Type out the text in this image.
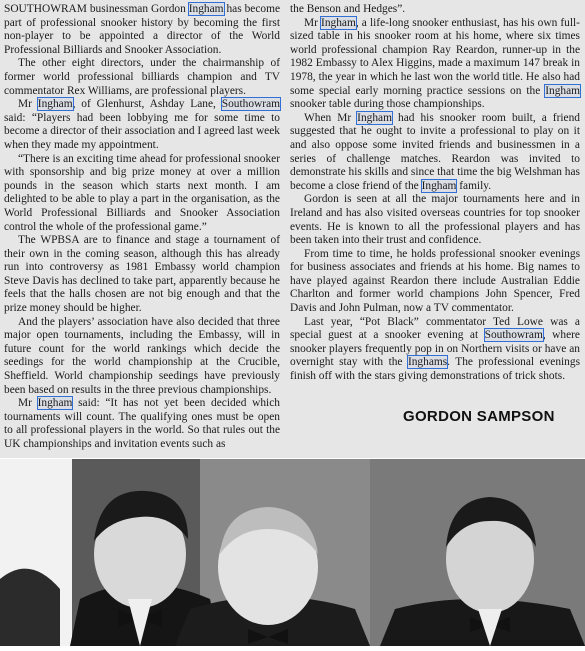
SOUTHOWRAM businessman Gordon Ingham has become part of professional snooker history by becoming the first non-player to be appointed a director of the World Professional Billiards and Snooker Association.

The other eight directors, under the chairmanship of former world professional billiards champion and TV commentator Rex Williams, are professional players.

Mr Ingham, of Glenhurst, Ashday Lane, Southowram said: “Players had been lobbying me for some time to become a director of their association and I agreed last week when they made my appointment.

“There is an exciting time ahead for professional snooker with sponsorship and big prize money at over a million pounds in the season which starts next month. I am delighted to be able to play a part in the organisation, as the World Professional Billiards and Snooker Association control the whole of the professional game.”

The WPBSA are to finance and stage a tournament of their own in the coming season, although this has already run into controversy as 1981 Embassy world champion Steve Davis has declined to take part, apparently because he feels that the halls chosen are not big enough and that the prize money should be higher.

And the players’ association have also decided that three major open tournaments, including the Embassy, will in future count for the world rankings which decide the seedings for the world championship at the Crucible, Sheffield. World championship seedings have previously been based on results in the three previous championships.

Mr Ingham said: “It has not yet been decided which tournaments will count. The qualifying ones must be open to all professional players in the world. So that rules out the UK championships and invitation events such as

the Benson and Hedges”.

Mr Ingham, a life-long snooker enthusiast, has his own full-sized table in his snooker room at his home, where six times world professional champion Ray Reardon, runner-up in the 1982 Embassy to Alex Higgins, made a maximum 147 break in 1978, the year in which he last won the world title. He also had some special early morning practice sessions on the Ingham snooker table during those championships.

When Mr Ingham had his snooker room built, a friend suggested that he ought to invite a professional to play on it and also oppose some invited friends and businessmen in a series of challenge matches. Reardon was invited to demonstrate his skills and since that time the big Welshman has become a close friend of the Ingham family.

Gordon is seen at all the major tournaments here and in Ireland and has also visited overseas countries for top snooker events. He is known to all the professional players and has been taken into their trust and confidence.

From time to time, he holds professional snooker evenings for business associates and friends at his home. Big names to have played against Reardon there include Australian Eddie Charlton and former world champions John Spencer, Fred Davis and John Pulman, now a TV commentator.

Last year, “Pot Black” commentator Ted Lowe was a special guest at a snooker evening at Southowram, where snooker players frequently pop in on Northern visits or have an overnight stay with the Inghams. The professional evenings finish off with the stars giving demonstrations of trick shots.

GORDON SAMPSON
